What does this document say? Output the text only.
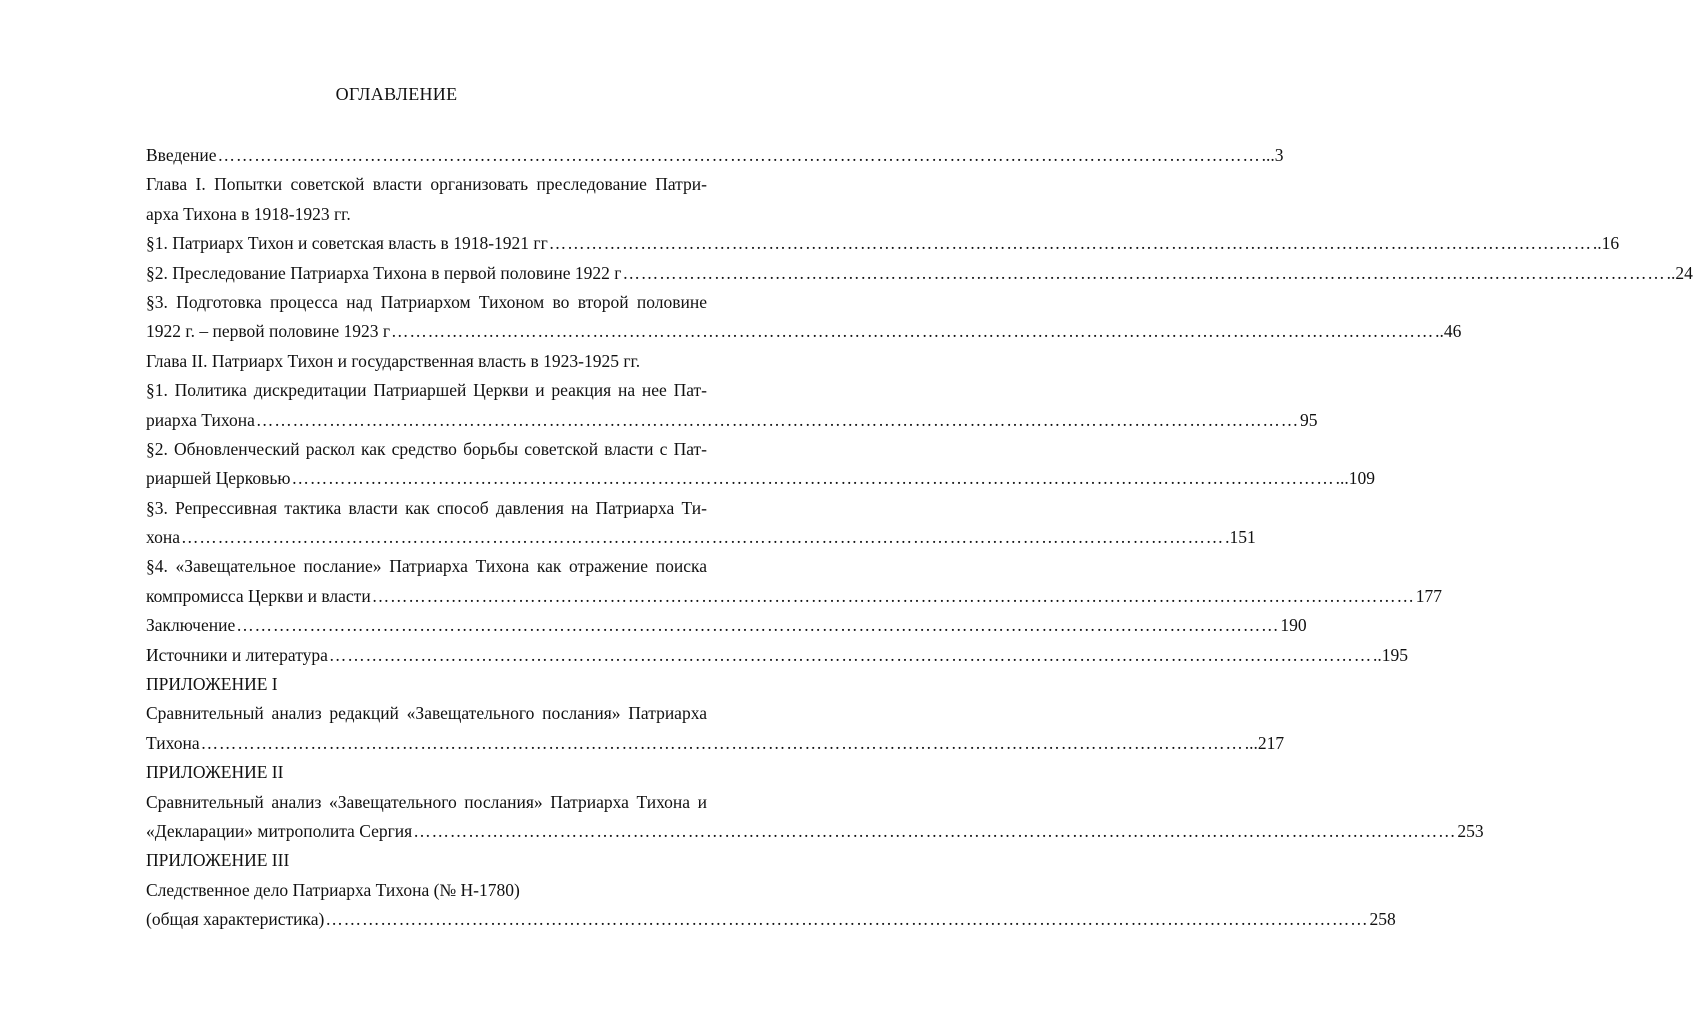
ОГЛАВЛЕНИЕ
Введение ……………………………………………………………………………………………………………………………………………………… ...3
Глава I. Попытки советской власти организовать преследование Патри-
арха Тихона в 1918-1923 гг.
§1. Патриарх Тихон и советская власть в 1918-1921 гг ……………………………………………………………………………………………………………………………………………………… ..16
§2. Преследование Патриарха Тихона в первой половине 1922 г ……………………………………………………………………………………………………………………………………………………… ..24
§3. Подготовка процесса над Патриархом Тихоном во второй половине
1922 г. – первой половине 1923 г ……………………………………………………………………………………………………………………………………………………… ..46
Глава II. Патриарх Тихон и государственная власть в 1923-1925 гг.
§1. Политика дискредитации Патриаршей Церкви и реакция на нее Пат-
риарха Тихона ……………………………………………………………………………………………………………………………………………………… 95
§2. Обновленческий раскол как средство борьбы советской власти с Пат-
риаршей Церковью ……………………………………………………………………………………………………………………………………………………… ...109
§3. Репрессивная тактика власти как способ давления на Патриарха Ти-
хона ……………………………………………………………………………………………………………………………………………………… .151
§4. «Завещательное послание» Патриарха Тихона как отражение поиска
компромисса Церкви и власти ……………………………………………………………………………………………………………………………………………………… 177
Заключение ……………………………………………………………………………………………………………………………………………………… 190
Источники и литература ……………………………………………………………………………………………………………………………………………………… ..195
ПРИЛОЖЕНИЕ I
Сравнительный анализ редакций «Завещательного послания» Патриарха
Тихона ……………………………………………………………………………………………………………………………………………………… ...217
ПРИЛОЖЕНИЕ II
Сравнительный анализ «Завещательного послания» Патриарха Тихона и
«Декларации» митрополита Сергия ……………………………………………………………………………………………………………………………………………………… 253
ПРИЛОЖЕНИЕ III
Следственное дело Патриарха Тихона (№ Н-1780)
(общая характеристика) ……………………………………………………………………………………………………………………………………………………… 258
